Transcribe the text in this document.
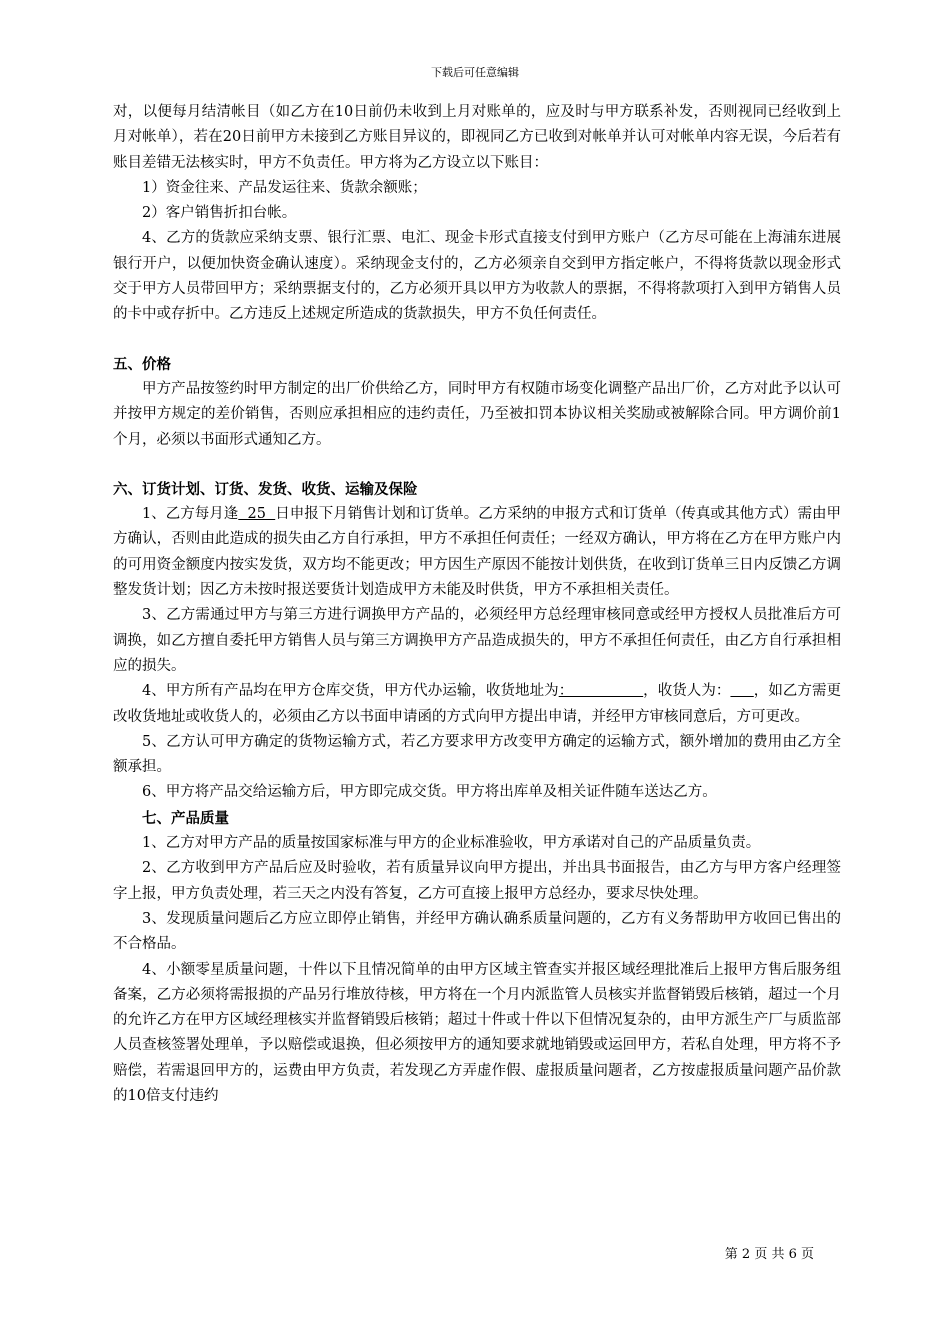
下载后可任意编辑

对，以便每月结清帐目（如乙方在10日前仍未收到上月对账单的，应及时与甲方联系补发，否则视同已经收到上月对帐单），若在20日前甲方未接到乙方账目异议的，即视同乙方已收到对帐单并认可对帐单内容无误，今后若有账目差错无法核实时，甲方不负责任。甲方将为乙方设立以下账目：

1）资金往来、产品发运往来、货款余额账；

2）客户销售折扣台帐。

4、乙方的货款应采纳支票、银行汇票、电汇、现金卡形式直接支付到甲方账户（乙方尽可能在上海浦东进展银行开户，以便加快资金确认速度）。采纳现金支付的，乙方必须亲自交到甲方指定帐户，不得将货款以现金形式交于甲方人员带回甲方；采纳票据支付的，乙方必须开具以甲方为收款人的票据，不得将款项打入到甲方销售人员的卡中或存折中。乙方违反上述规定所造成的货款损失，甲方不负任何责任。

五、价格

甲方产品按签约时甲方制定的出厂价供给乙方，同时甲方有权随市场变化调整产品出厂价，乙方对此予以认可并按甲方规定的差价销售，否则应承担相应的违约责任，乃至被扣罚本协议相关奖励或被解除合同。甲方调价前1个月，必须以书面形式通知乙方。

六、订货计划、订货、发货、收货、运输及保险

1、乙方每月逢  25  日申报下月销售计划和订货单。乙方采纳的申报方式和订货单（传真或其他方式）需由甲方确认，否则由此造成的损失由乙方自行承担，甲方不承担任何责任；一经双方确认，甲方将在乙方在甲方账户内的可用资金额度内按实发货，双方均不能更改；甲方因生产原因不能按计划供货，在收到订货单三日内反馈乙方调整发货计划；因乙方未按时报送要货计划造成甲方未能及时供货，甲方不承担相关责任。

3、乙方需通过甲方与第三方进行调换甲方产品的，必须经甲方总经理审核同意或经甲方授权人员批准后方可调换，如乙方擅自委托甲方销售人员与第三方调换甲方产品造成损失的，甲方不承担任何责任，由乙方自行承担相应的损失。

4、甲方所有产品均在甲方仓库交货，甲方代办运输，收货地址为：               ，收货人为： ，如乙方需更改收货地址或收货人的，必须由乙方以书面申请函的方式向甲方提出申请，并经甲方审核同意后，方可更改。

5、乙方认可甲方确定的货物运输方式，若乙方要求甲方改变甲方确定的运输方式，额外增加的费用由乙方全额承担。

6、甲方将产品交给运输方后，甲方即完成交货。甲方将出库单及相关证件随车送达乙方。

七、产品质量

1、乙方对甲方产品的质量按国家标准与甲方的企业标准验收，甲方承诺对自己的产品质量负责。

2、乙方收到甲方产品后应及时验收，若有质量异议向甲方提出，并出具书面报告，由乙方与甲方客户经理签字上报，甲方负责处理，若三天之内没有答复，乙方可直接上报甲方总经办，要求尽快处理。

3、发现质量问题后乙方应立即停止销售，并经甲方确认确系质量问题的，乙方有义务帮助甲方收回已售出的不合格品。

4、小额零星质量问题，十件以下且情况简单的由甲方区域主管查实并报区域经理批准后上报甲方售后服务组备案，乙方必须将需报损的产品另行堆放待核，甲方将在一个月内派监管人员核实并监督销毁后核销，超过一个月的允许乙方在甲方区域经理核实并监督销毁后核销；超过十件或十件以下但情况复杂的，由甲方派生产厂与质监部人员查核签署处理单，予以赔偿或退换，但必须按甲方的通知要求就地销毁或运回甲方，若私自处理，甲方将不予赔偿，若需退回甲方的，运费由甲方负责，若发现乙方弄虚作假、虚报质量问题者，乙方按虚报质量问题产品价款的10倍支付违约

第 2 页 共 6 页
